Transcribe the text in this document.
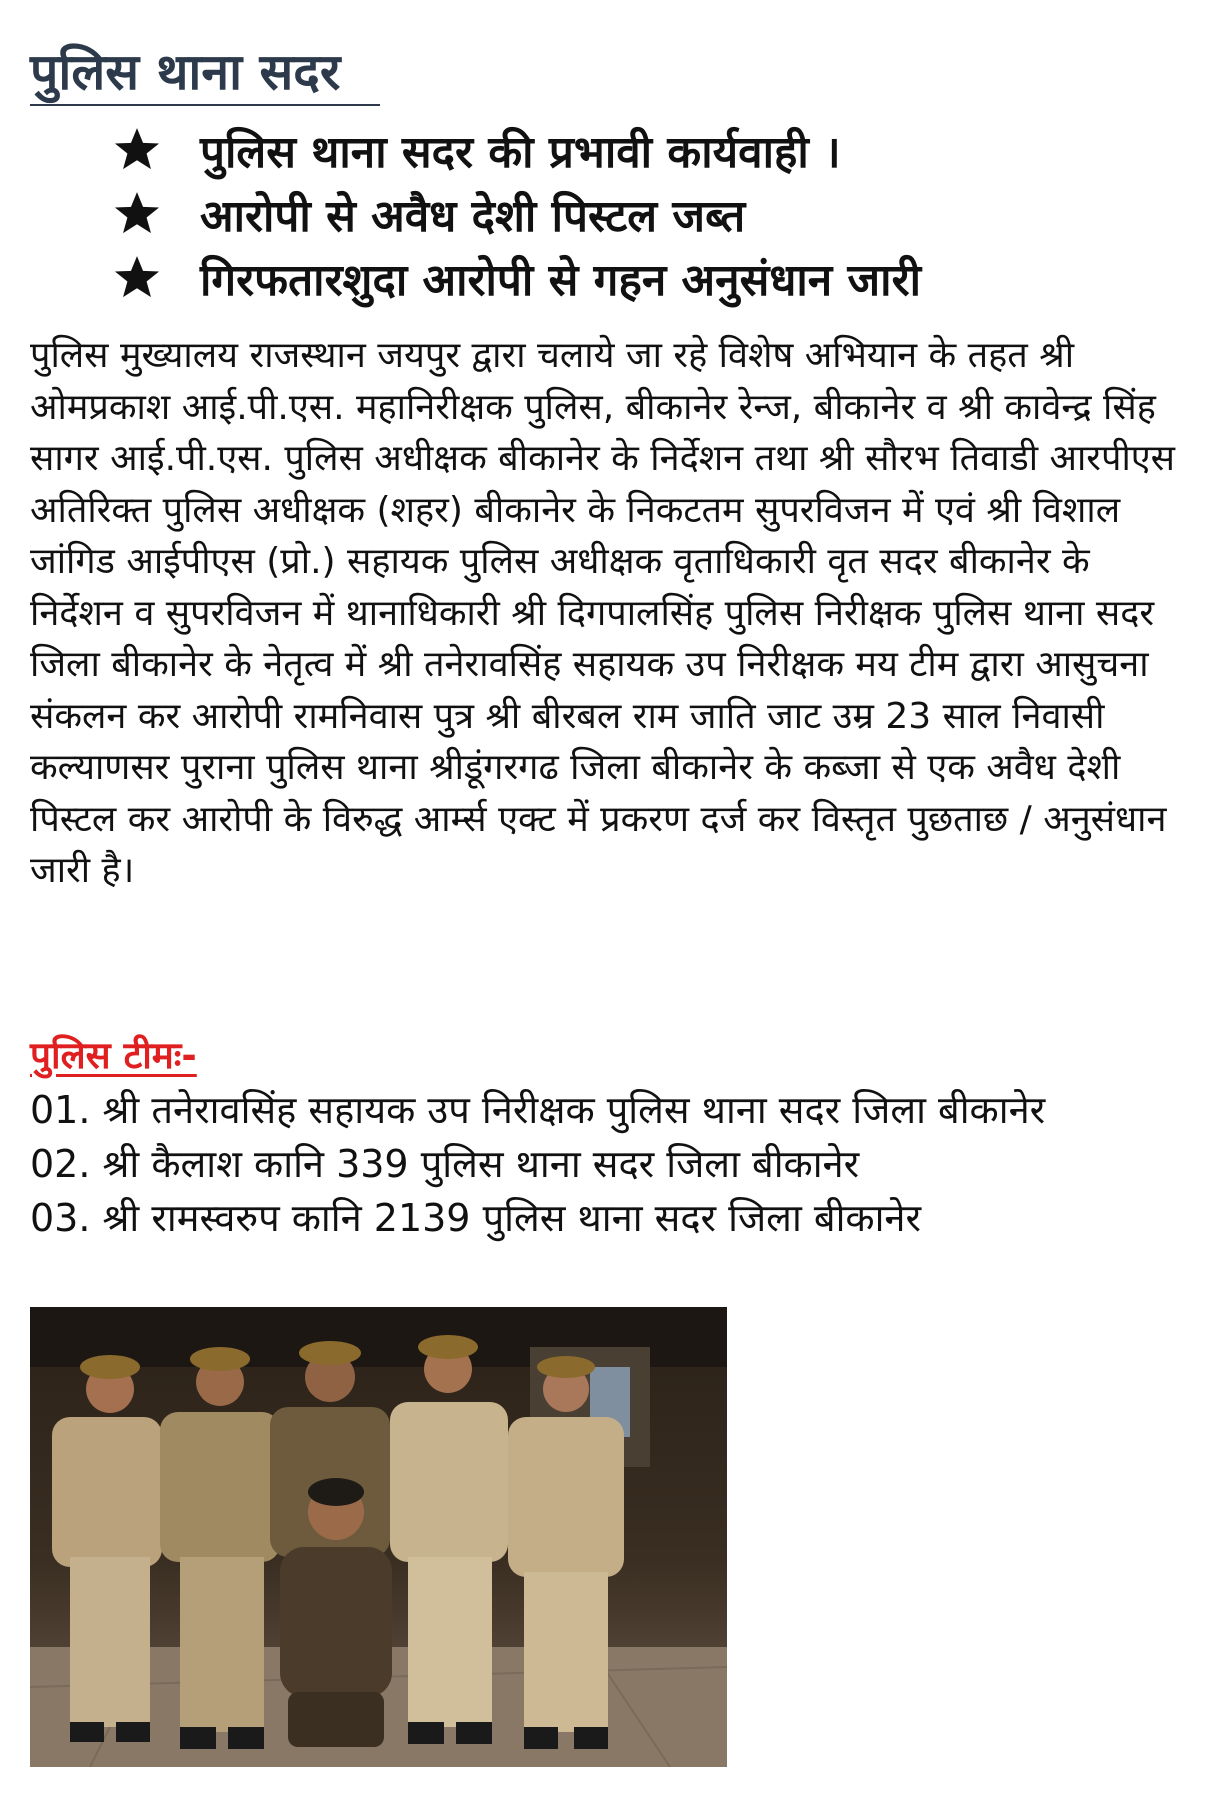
पुलिस थाना सदर
पुलिस थाना सदर की प्रभावी कार्यवाही ।
आरोपी से अवैध देशी पिस्टल जब्त
गिरफतारशुदा आरोपी से गहन अनुसंधान जारी

पुलिस मुख्यालय राजस्थान जयपुर द्वारा चलाये जा रहे विशेष अभियान के तहत श्री ओमप्रकाश आई.पी.एस. महानिरीक्षक पुलिस, बीकानेर रेन्ज, बीकानेर व श्री कावेन्द्र सिंह सागर आई.पी.एस. पुलिस अधीक्षक बीकानेर के निर्देशन तथा श्री सौरभ तिवाडी आरपीएस अतिरिक्त पुलिस अधीक्षक (शहर) बीकानेर के निकटतम सुपरविजन में एवं श्री विशाल जांगिड आईपीएस (प्रो.) सहायक पुलिस अधीक्षक वृताधिकारी वृत सदर बीकानेर के निर्देशन व सुपरविजन में थानाधिकारी श्री दिगपालसिंह पुलिस निरीक्षक पुलिस थाना सदर जिला बीकानेर के नेतृत्व में श्री तनेरावसिंह सहायक उप निरीक्षक मय टीम द्वारा आसुचना संकलन कर आरोपी रामनिवास पुत्र श्री बीरबल राम जाति जाट उम्र 23 साल निवासी कल्याणसर पुराना पुलिस थाना श्रीडूंगरगढ जिला बीकानेर के कब्जा से एक अवैध देशी पिस्टल कर आरोपी के विरुद्ध आर्म्स एक्ट में प्रकरण दर्ज कर विस्तृत पुछताछ / अनुसंधान जारी है।

पुलिस टीमः-
01. श्री तनेरावसिंह सहायक उप निरीक्षक पुलिस थाना सदर जिला बीकानेर
02. श्री कैलाश कानि 339 पुलिस थाना सदर जिला बीकानेर
03. श्री रामस्वरुप कानि 2139 पुलिस थाना सदर जिला बीकानेर
